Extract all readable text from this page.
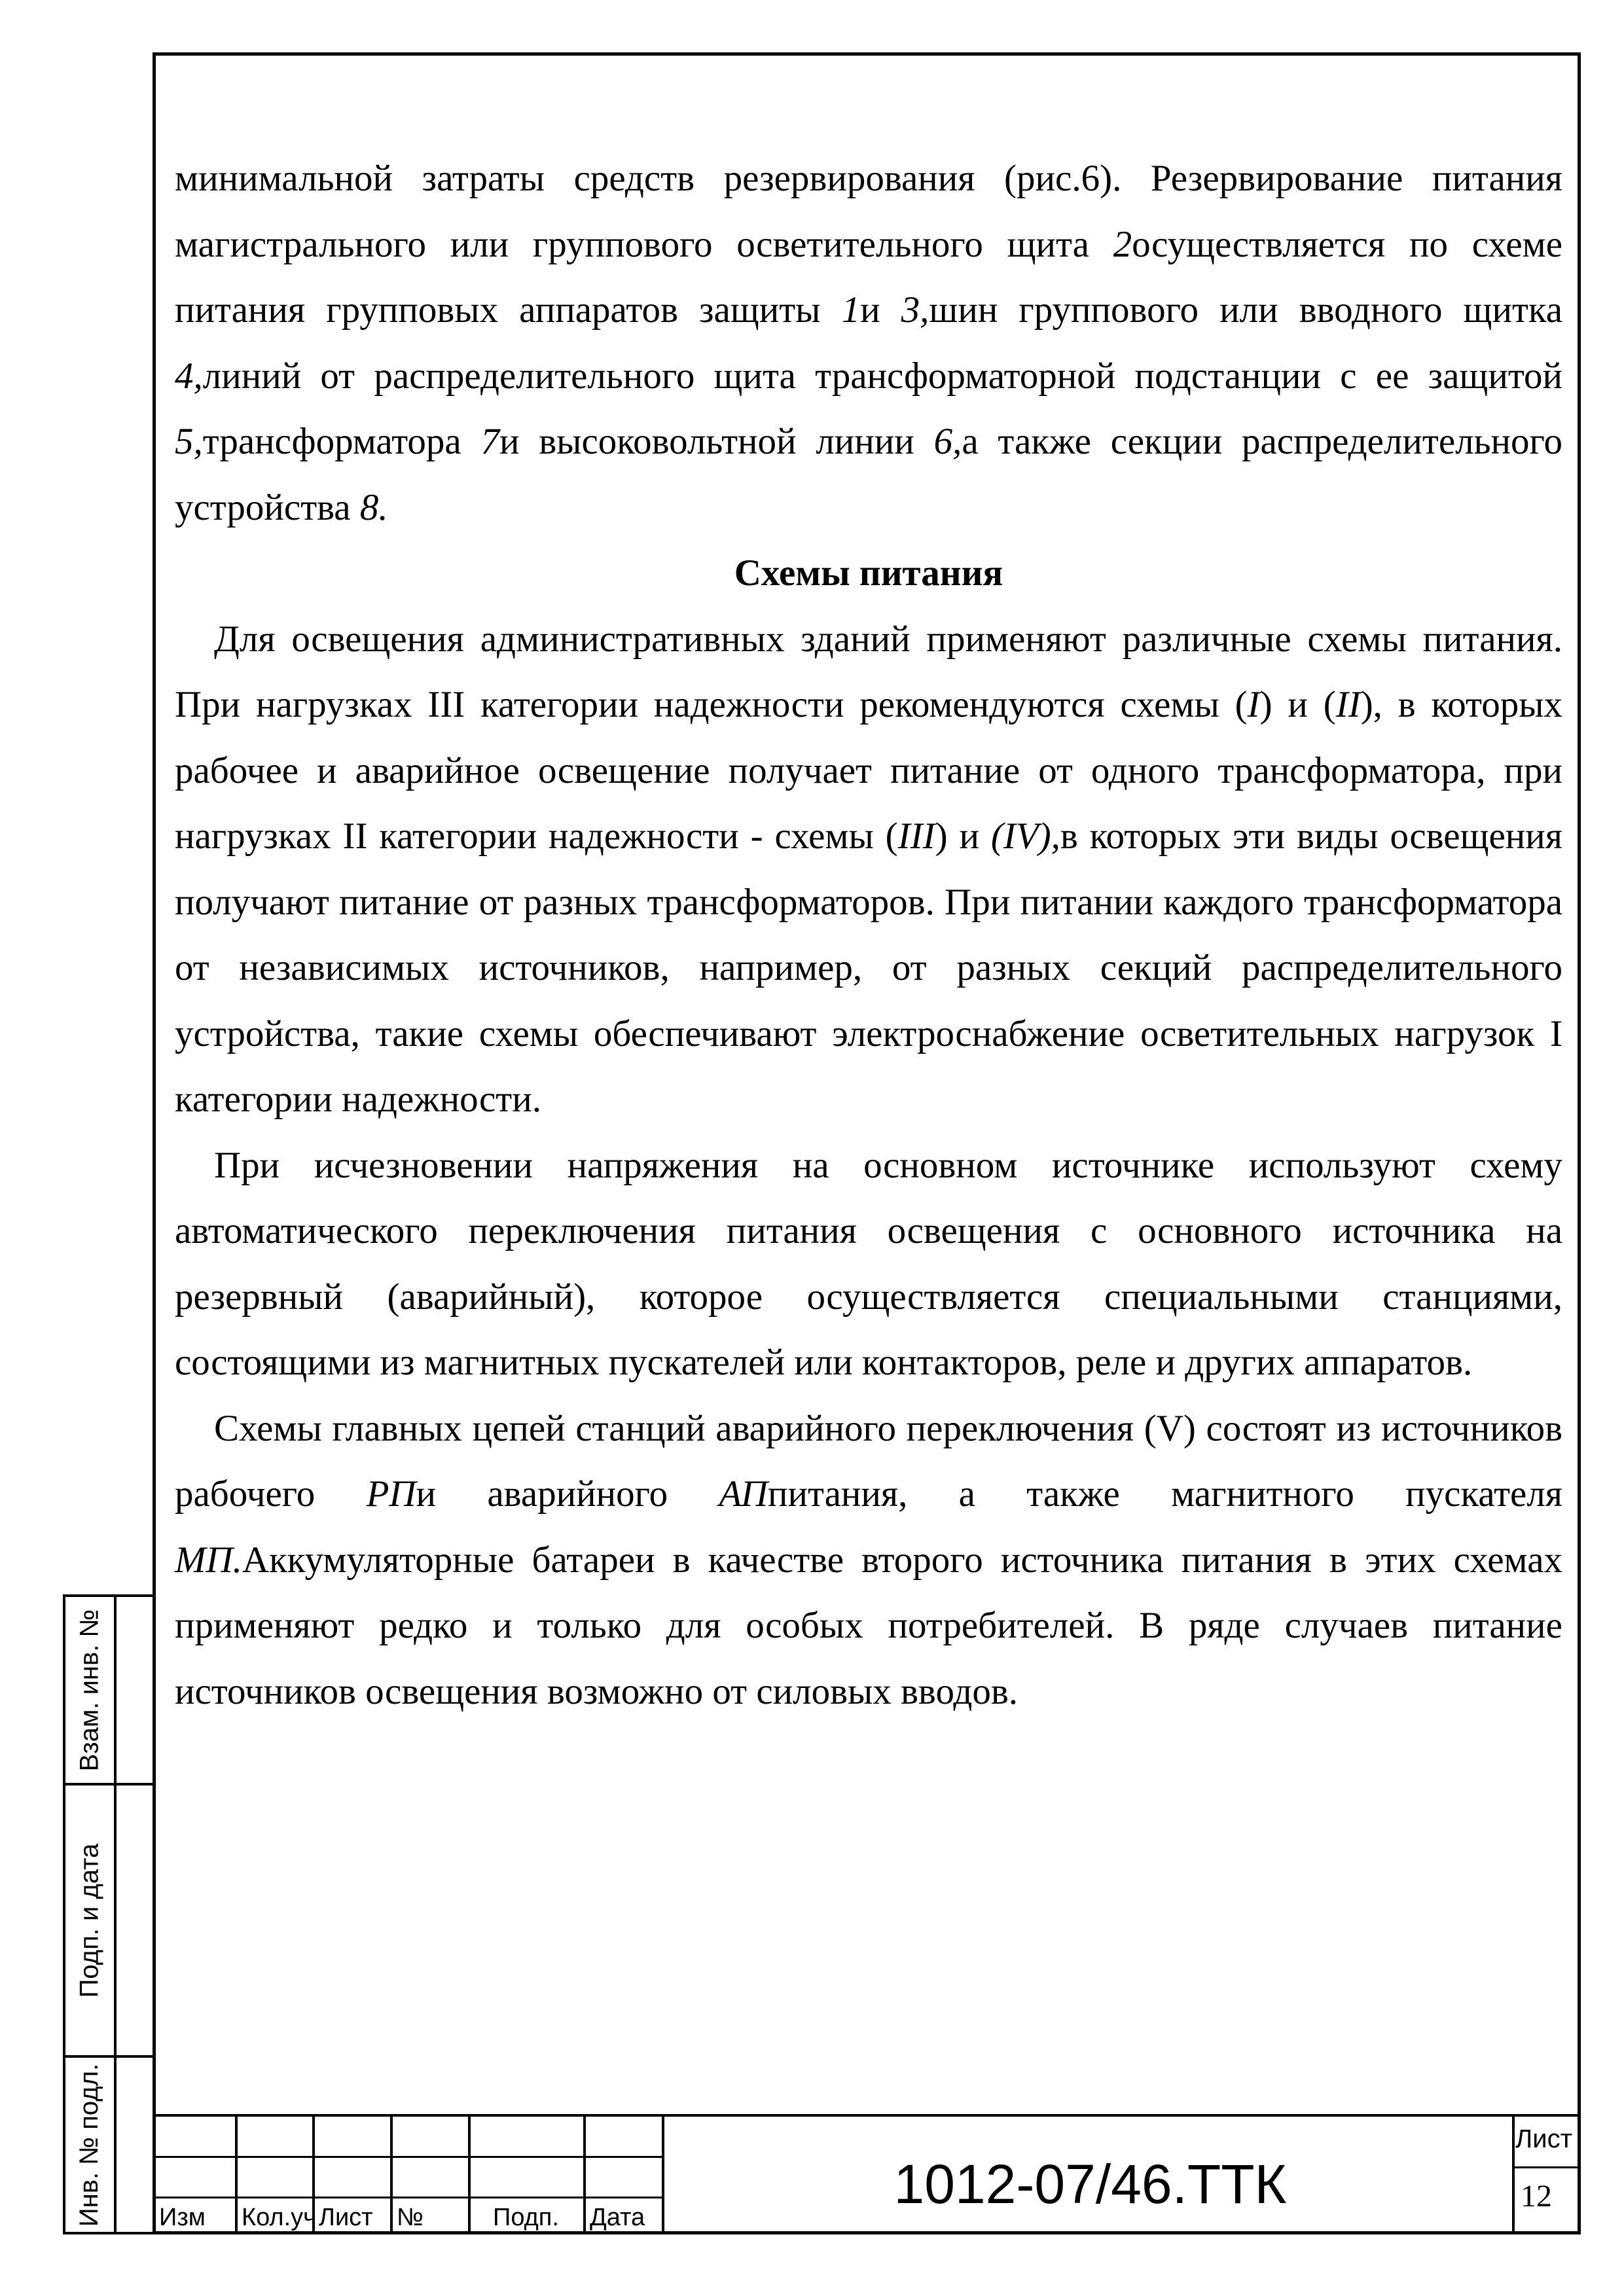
минимальной затраты средств резервирования (рис.6). Резервирование питания магистрального или группового осветительного щита 2осуществляется по схеме питания групповых аппаратов защиты 1и 3,шин группового или вводного щитка 4,линий от распределительного щита трансформаторной подстанции с ее защитой 5,трансформатора 7и высоковольтной линии 6,а также секции распределительного устройства 8.

Схемы питания

Для освещения административных зданий применяют различные схемы питания. При нагрузках III категории надежности рекомендуются схемы (I) и (II), в которых рабочее и аварийное освещение получает питание от одного трансформатора, при нагрузках II категории надежности - схемы (III) и (IV),в которых эти виды освещения получают питание от разных трансформаторов. При питании каждого трансформатора от независимых источников, например, от разных секций распределительного устройства, такие схемы обеспечивают электроснабжение осветительных нагрузок I категории надежности.

При исчезновении напряжения на основном источнике используют схему автоматического переключения питания освещения с основного источника на резервный (аварийный), которое осуществляется специальными станциями, состоящими из магнитных пускателей или контакторов, реле и других аппаратов.

Схемы главных цепей станций аварийного переключения (V) состоят из источников рабочего РПи аварийного АПпитания, а также магнитного пускателя МП.Аккумуляторные батареи в качестве второго источника питания в этих схемах применяют редко и только для особых потребителей. В ряде случаев питание источников освещения возможно от силовых вводов.

Взам. инв. №
Подп. и дата
Инв. № подл. Изм Кол.уч Лист №	Подп. Дата
1012-07/46.ТТК
Лист
12
